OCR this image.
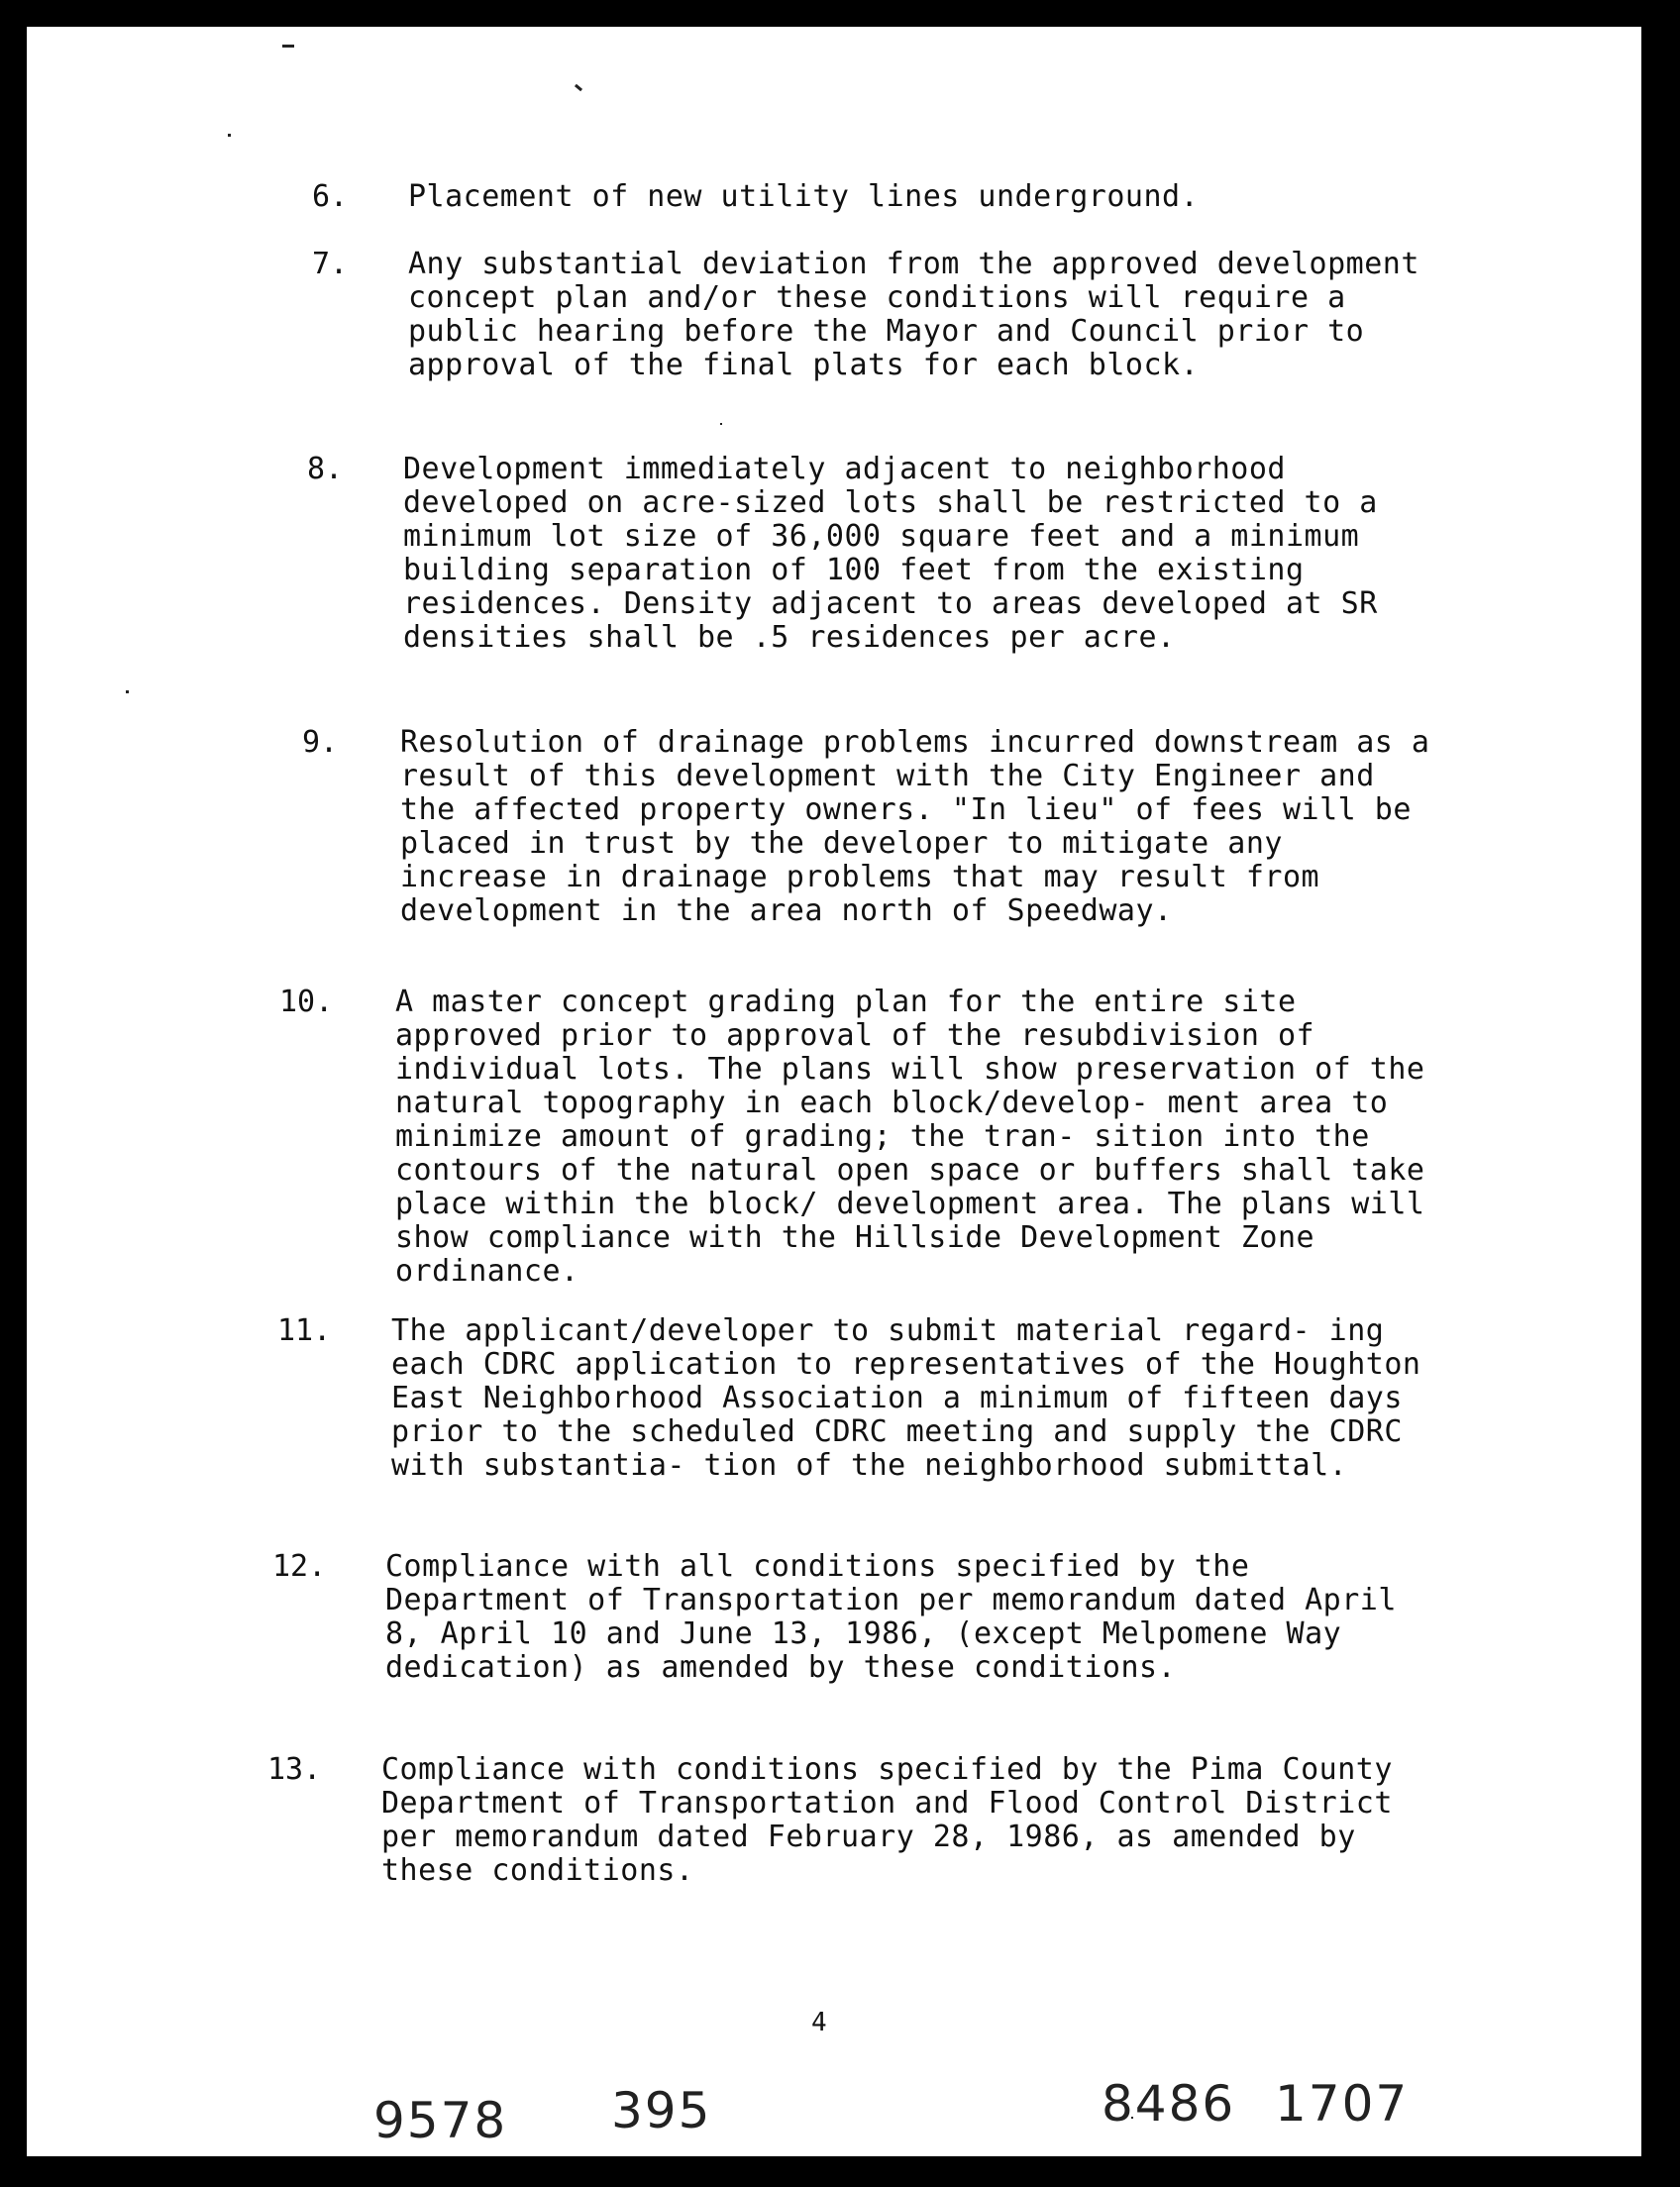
6. Placement of new utility lines underground.
7. Any substantial deviation from the approved development concept plan and/or these conditions will require a public hearing before the Mayor and Council prior to approval of the final plats for each block.
8. Development immediately adjacent to neighborhood developed on acre-sized lots shall be restricted to a minimum lot size of 36,000 square feet and a minimum building separation of 100 feet from the existing residences. Density adjacent to areas developed at SR densities shall be .5 residences per acre.
9. Resolution of drainage problems incurred downstream as a result of this development with the City Engineer and the affected property owners. "In lieu" of fees will be placed in trust by the developer to mitigate any increase in drainage problems that may result from development in the area north of Speedway.
10. A master concept grading plan for the entire site approved prior to approval of the resubdivision of individual lots. The plans will show preservation of the natural topography in each block/develop- ment area to minimize amount of grading; the tran- sition into the contours of the natural open space or buffers shall take place within the block/ development area. The plans will show compliance with the Hillside Development Zone ordinance.
11. The applicant/developer to submit material regard- ing each CDRC application to representatives of the Houghton East Neighborhood Association a minimum of fifteen days prior to the scheduled CDRC meeting and supply the CDRC with substantia- tion of the neighborhood submittal.
12. Compliance with all conditions specified by the Department of Transportation per memorandum dated April 8, April 10 and June 13, 1986, (except Melpomene Way dedication) as amended by these conditions.
13. Compliance with conditions specified by the Pima County Department of Transportation and Flood Control District per memorandum dated February 28, 1986, as amended by these conditions.
4
9578 395	8486 1707
